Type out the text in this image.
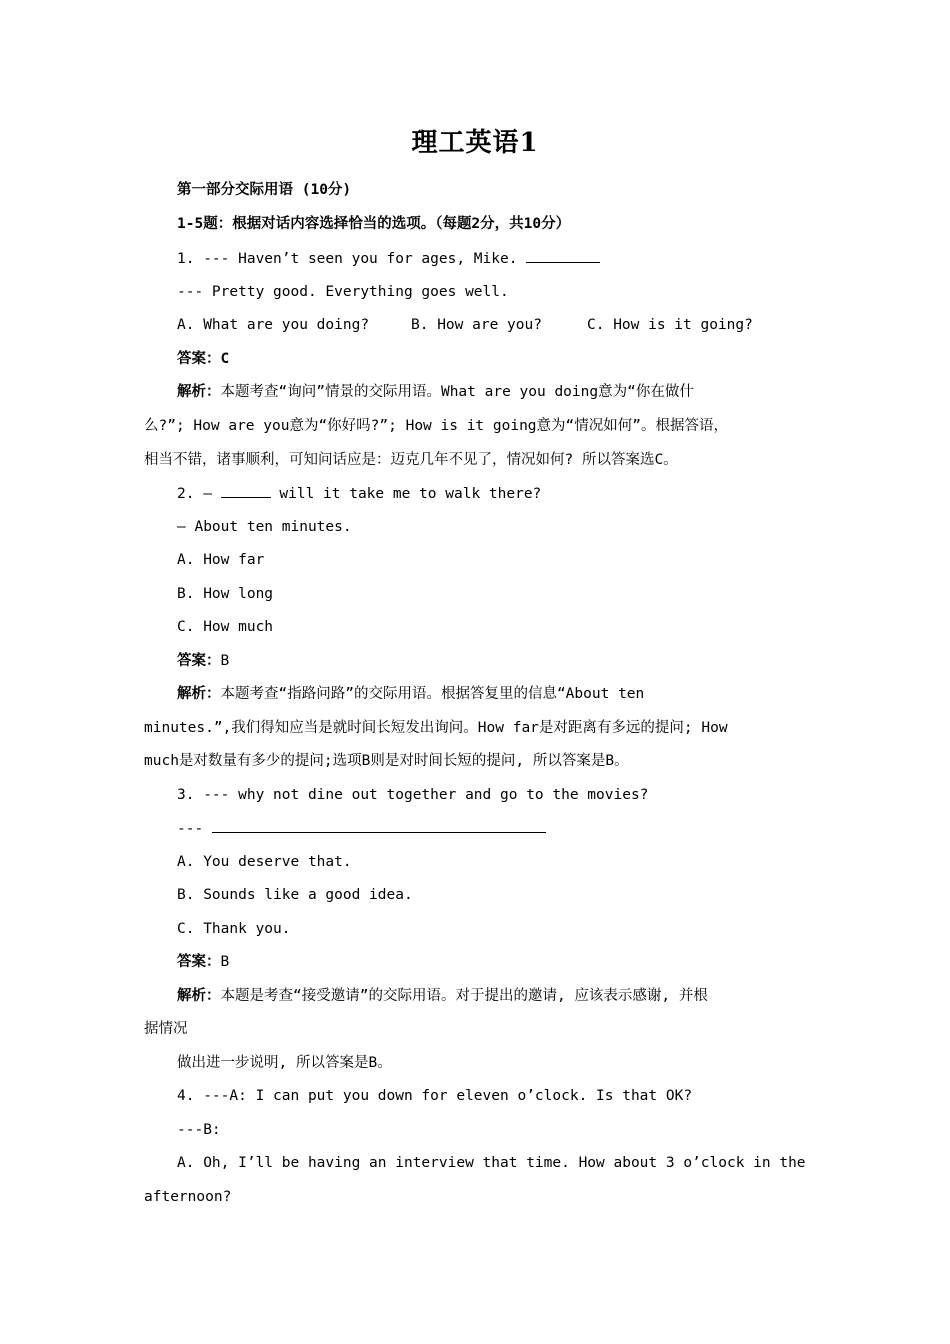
理工英语1
第一部分交际用语 (10分)
1-5题：根据对话内容选择恰当的选项。（每题2分，共10分）
1. --- Haven’t seen you for ages, Mike.
--- Pretty good. Everything goes well.
A. What are you doing?	B. How are you?	C. How is it going?
答案：C
解析：本题考查“询问”情景的交际用语。What are you doing意为“你在做什
么?”; How are you意为“你好吗?”; How is it going意为“情况如何”。根据答语，
相当不错，诸事顺利，可知问话应是：迈克几年不见了，情况如何? 所以答案选C。
2. —	will it take me to walk there?
— About ten minutes.
A. How far
B. How long
C. How much
答案：B
解析：本题考查“指路问路”的交际用语。根据答复里的信息“About ten
minutes.”,我们得知应当是就时间长短发出询问。How far是对距离有多远的提问; How
much是对数量有多少的提问;选项B则是对时间长短的提问, 所以答案是B。
3. --- why not dine out together and go to the movies?
---
A. You deserve that.
B. Sounds like a good idea.
C. Thank you.
答案：B
解析：本题是考查“接受邀请”的交际用语。对于提出的邀请, 应该表示感谢, 并根
据情况
做出进一步说明, 所以答案是B。
4. ---A: I can put you down for eleven o’clock. Is that OK?
---B:
A. Oh, I’ll be having an interview that time. How about 3 o’clock in the
afternoon?
